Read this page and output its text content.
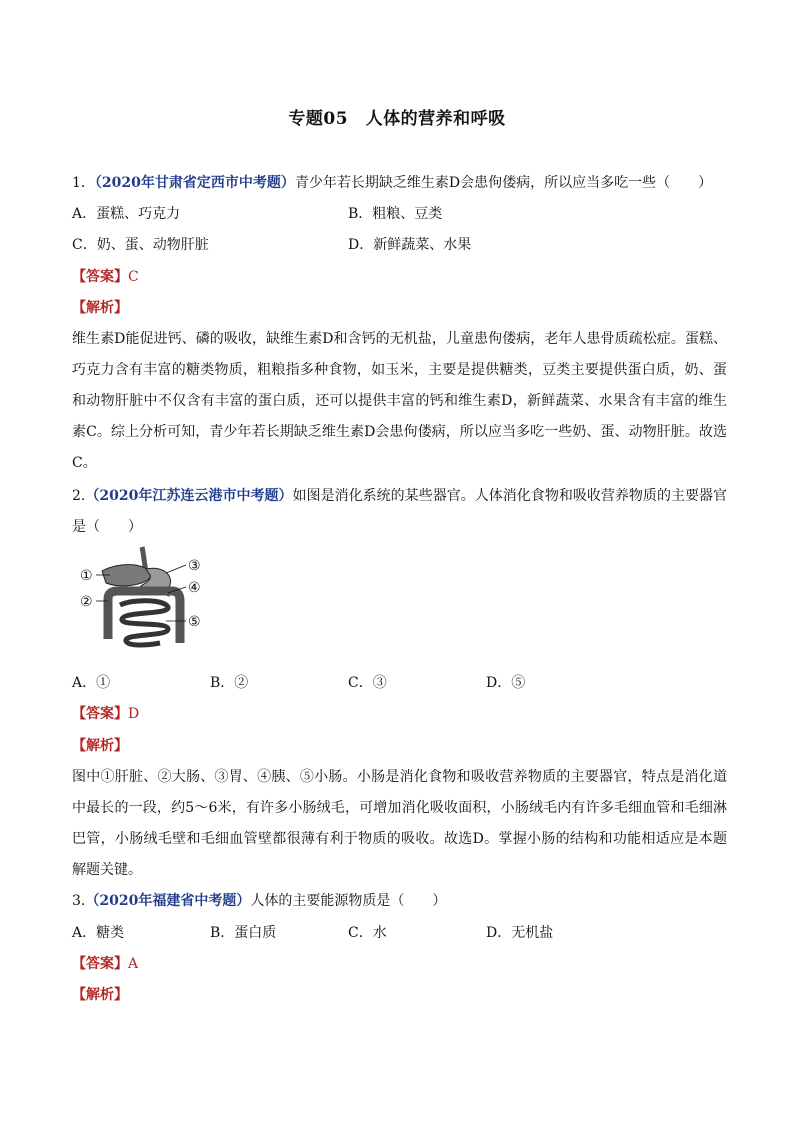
专题05　人体的营养和呼吸
1．（2020年甘肃省定西市中考题）青少年若长期缺乏维生素D会患佝偻病，所以应当多吃一些（　　）
A．蛋糕、巧克力	B．粗粮、豆类
C．奶、蛋、动物肝脏	D．新鲜蔬菜、水果
【答案】C
【解析】
维生素D能促进钙、磷的吸收，缺维生素D和含钙的无机盐，儿童患佝偻病，老年人患骨质疏松症。蛋糕、巧克力含有丰富的糖类物质，粗粮指多种食物，如玉米，主要是提供糖类，豆类主要提供蛋白质，奶、蛋和动物肝脏中不仅含有丰富的蛋白质，还可以提供丰富的钙和维生素D，新鲜蔬菜、水果含有丰富的维生素C。综上分析可知，青少年若长期缺乏维生素D会患佝偻病，所以应当多吃一些奶、蛋、动物肝脏。故选C。
2.（2020年江苏连云港市中考题）如图是消化系统的某些器官。人体消化食物和吸收营养物质的主要器官是（　　）
①
②
③
④
⑤
A．①	B．②	C．③	D．⑤
【答案】D
【解析】
图中①肝脏、②大肠、③胃、④胰、⑤小肠。小肠是消化食物和吸收营养物质的主要器官，特点是消化道中最长的一段，约5～6米，有许多小肠绒毛，可增加消化吸收面积，小肠绒毛内有许多毛细血管和毛细淋巴管，小肠绒毛壁和毛细血管壁都很薄有利于物质的吸收。故选D。掌握小肠的结构和功能相适应是本题解题关键。
3.（2020年福建省中考题）人体的主要能源物质是（　　）
A．糖类	B．蛋白质	C．水	D．无机盐
【答案】A
【解析】
